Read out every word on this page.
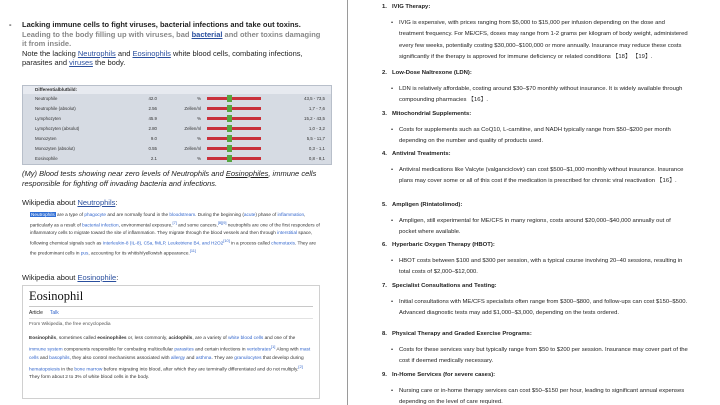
- Lacking immune cells to fight viruses, bacterial infections and take out toxins.
Leading to the body filling up with viruses, bad bacterial and other toxins damaging it from inside.
Note the lacking Neutrophils and Eosinophils white blood cells, combating infections, parasites and viruses the body.
Differentialblutbild:
Neutrophile	42.0	%	43,5 - 73,5
Neutrophile (absolut)	2.56	Zellen/nl	1,7 - 7,6
Lymphozyten	45.9	%	15,2 - 43,5
Lymphozyten (absolut)	2.80	Zellen/nl	1,0 - 3,2
Monozyten	9.0	%	5,5 - 11,7
Monozyten (absolut)	0.55	Zellen/nl	0,3 - 1,1
Eosinophile	2.1	%	0,8 - 8,1
(My) Blood tests showing near zero levels of Neutrophils and Eosinophiles, immune cells responsible for fighting off invading bacteria and infections.
Wikipedia about Neutrophils:
Neutrophils are a type of phagocyte and are normally found in the bloodstream. During the beginning (acute) phase of inflammation, particularly as a result of bacterial infection, environmental exposure,[7] and some cancers,[8][9] neutrophils are one of the first responders of inflammatory cells to migrate toward the site of inflammation. They migrate through the blood vessels and then through interstitial space, following chemical signals such as Interleukin-8 (IL-8), C5a, fMLP, Leukotriene B4, and H2O2[10] in a process called chemotaxis. They are the predominant cells in pus, accounting for its whitish/yellowish appearance.[11]
Wikipedia about Eosinophile:
Eosinophil
Article Talk
From Wikipedia, the free encyclopedia
Eosinophils, sometimes called eosinophiles or, less commonly, acidophils, are a variety of white blood cells and one of the immune system components responsible for combating multicellular parasites and certain infections in vertebrates[1] Along with mast cells and basophils, they also control mechanisms associated with allergy and asthma. They are granulocytes that develop during hematopoiesis in the bone marrow before migrating into blood, after which they are terminally differentiated and do not multiply.[2] They form about 2 to 3% of white blood cells in the body.
1. IVIG Therapy:
• IVIG is expensive, with prices ranging from $5,000 to $15,000 per infusion depending on the dose and treatment frequency. For ME/CFS, doses may range from 1-2 grams per kilogram of body weight, administered every few weeks, potentially costing $30,000–$100,000 or more annually. Insurance may reduce these costs significantly if the therapy is approved for immune deficiency or related conditions 【18】 【19】.
2. Low-Dose Naltrexone (LDN):
• LDN is relatively affordable, costing around $30–$70 monthly without insurance. It is widely available through compounding pharmacies 【16】.
3. Mitochondrial Supplements:
• Costs for supplements such as CoQ10, L-carnitine, and NADH typically range from $50–$200 per month depending on the number and quality of products used.
4. Antiviral Treatments:
• Antiviral medications like Valcyte (valganciclovir) can cost $500–$1,000 monthly without insurance. Insurance plans may cover some or all of this cost if the medication is prescribed for chronic viral reactivation 【16】.
5. Ampligen (Rintatolimod):
• Ampligen, still experimental for ME/CFS in many regions, costs around $20,000–$40,000 annually out of pocket where available.
6. Hyperbaric Oxygen Therapy (HBOT):
• HBOT costs between $100 and $300 per session, with a typical course involving 20–40 sessions, resulting in total costs of $2,000–$12,000.
7. Specialist Consultations and Testing:
• Initial consultations with ME/CFS specialists often range from $300–$800, and follow-ups can cost $150–$500. Advanced diagnostic tests may add $1,000–$3,000, depending on the tests ordered.
8. Physical Therapy and Graded Exercise Programs:
• Costs for these services vary but typically range from $50 to $200 per session. Insurance may cover part of the cost if deemed medically necessary.
9. In-Home Services (for severe cases):
• Nursing care or in-home therapy services can cost $50–$150 per hour, leading to significant annual expenses depending on the level of care required.
